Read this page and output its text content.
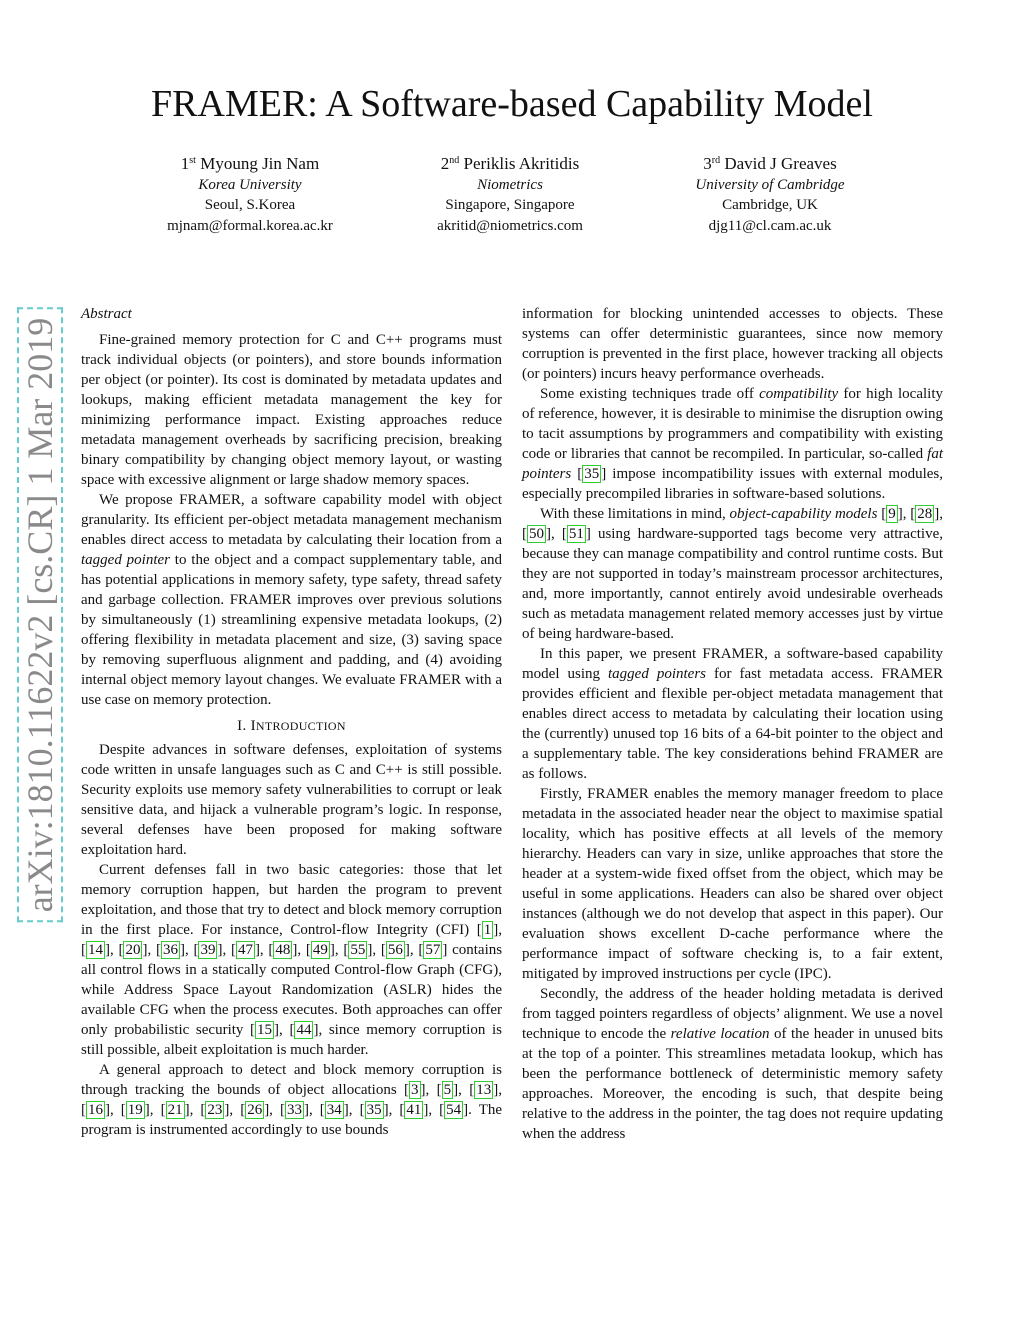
arXiv:1810.11622v2 [cs.CR] 1 Mar 2019
FRAMER: A Software-based Capability Model
1st Myoung Jin Nam
Korea University
Seoul, S.Korea
mjnam@formal.korea.ac.kr
2nd Periklis Akritidis
Niometrics
Singapore, Singapore
akritid@niometrics.com
3rd David J Greaves
University of Cambridge
Cambridge, UK
djg11@cl.cam.ac.uk
Abstract

Fine-grained memory protection for C and C++ programs must track individual objects (or pointers), and store bounds information per object (or pointer). Its cost is dominated by metadata updates and lookups, making efficient metadata management the key for minimizing performance impact. Existing approaches reduce metadata management overheads by sacrificing precision, breaking binary compatibility by changing object memory layout, or wasting space with excessive alignment or large shadow memory spaces.

We propose FRAMER, a software capability model with object granularity. Its efficient per-object metadata management mechanism enables direct access to metadata by calculating their location from a tagged pointer to the object and a compact supplementary table, and has potential applications in memory safety, type safety, thread safety and garbage collection. FRAMER improves over previous solutions by simultaneously (1) streamlining expensive metadata lookups, (2) offering flexibility in metadata placement and size, (3) saving space by removing superfluous alignment and padding, and (4) avoiding internal object memory layout changes. We evaluate FRAMER with a use case on memory protection.

I. INTRODUCTION

Despite advances in software defenses, exploitation of systems code written in unsafe languages such as C and C++ is still possible. Security exploits use memory safety vulnerabilities to corrupt or leak sensitive data, and hijack a vulnerable program’s logic. In response, several defenses have been proposed for making software exploitation hard.

Current defenses fall in two basic categories: those that let memory corruption happen, but harden the program to prevent exploitation, and those that try to detect and block memory corruption in the first place. For instance, Control-flow Integrity (CFI) [ 1 ], [ 14 ], [ 20 ], [ 36 ], [ 39 ], [ 47 ], [ 48 ], [ 49 ], [ 55 ], [ 56 ], [ 57 ] contains all control flows in a statically computed Control-flow Graph (CFG), while Address Space Layout Randomization (ASLR) hides the available CFG when the process executes. Both approaches can offer only probabilistic security [ 15 ], [ 44 ], since memory corruption is still possible, albeit exploitation is much harder.

A general approach to detect and block memory corruption is through tracking the bounds of object allocations [ 3 ], [ 5 ], [ 13 ], [ 16 ], [ 19 ], [ 21 ], [ 23 ], [ 26 ], [ 33 ], [ 34 ], [ 35 ], [ 41 ], [ 54 ]. The program is instrumented accordingly to use bounds

information for blocking unintended accesses to objects. These systems can offer deterministic guarantees, since now memory corruption is prevented in the first place, however tracking all objects (or pointers) incurs heavy performance overheads.

Some existing techniques trade off compatibility for high locality of reference, however, it is desirable to minimise the disruption owing to tacit assumptions by programmers and compatibility with existing code or libraries that cannot be recompiled. In particular, so-called fat pointers [ 35 ] impose incompatibility issues with external modules, especially precompiled libraries in software-based solutions.

With these limitations in mind, object-capability models [ 9 ], [ 28 ], [ 50 ], [ 51 ] using hardware-supported tags become very attractive, because they can manage compatibility and control runtime costs. But they are not supported in today’s mainstream processor architectures, and, more importantly, cannot entirely avoid undesirable overheads such as metadata management related memory accesses just by virtue of being hardware-based.

In this paper, we present FRAMER, a software-based capability model using tagged pointers for fast metadata access. FRAMER provides efficient and flexible per-object metadata management that enables direct access to metadata by calculating their location using the (currently) unused top 16 bits of a 64-bit pointer to the object and a supplementary table. The key considerations behind FRAMER are as follows.

Firstly, FRAMER enables the memory manager freedom to place metadata in the associated header near the object to maximise spatial locality, which has positive effects at all levels of the memory hierarchy. Headers can vary in size, unlike approaches that store the header at a system-wide fixed offset from the object, which may be useful in some applications. Headers can also be shared over object instances (although we do not develop that aspect in this paper). Our evaluation shows excellent D-cache performance where the performance impact of software checking is, to a fair extent, mitigated by improved instructions per cycle (IPC).

Secondly, the address of the header holding metadata is derived from tagged pointers regardless of objects’ alignment. We use a novel technique to encode the relative location of the header in unused bits at the top of a pointer. This streamlines metadata lookup, which has been the performance bottleneck of deterministic memory safety approaches. Moreover, the encoding is such, that despite being relative to the address in the pointer, the tag does not require updating when the address
